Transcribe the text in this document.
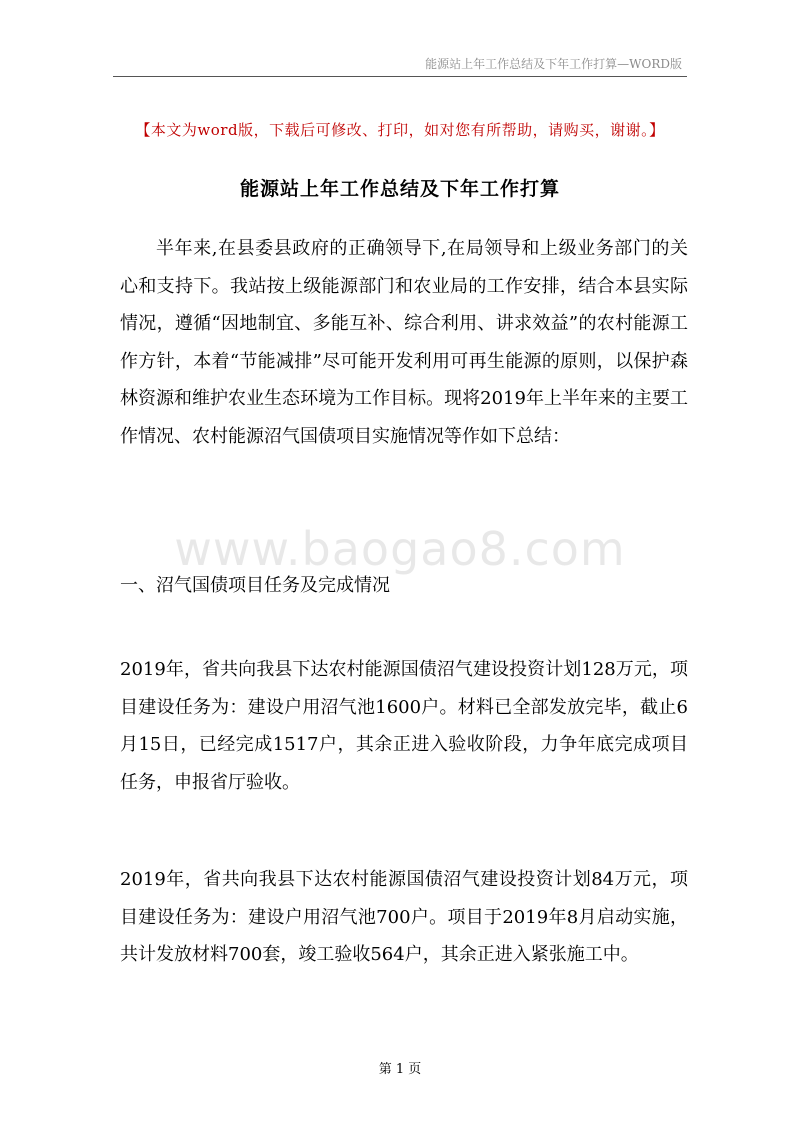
能源站上年工作总结及下年工作打算—WORD版
【本文为word版，下载后可修改、打印，如对您有所帮助，请购买，谢谢。】
能源站上年工作总结及下年工作打算

半年来,在县委县政府的正确领导下,在局领导和上级业务部门的关心和支持下。我站按上级能源部门和农业局的工作安排，结合本县实际情况，遵循“因地制宜、多能互补、综合利用、讲求效益”的农村能源工作方针，本着“节能减排”尽可能开发利用可再生能源的原则，以保护森林资源和维护农业生态环境为工作目标。现将2019年上半年来的主要工作情况、农村能源沼气国债项目实施情况等作如下总结：

www.baogao8.com

一、沼气国债项目任务及完成情况

2019年，省共向我县下达农村能源国债沼气建设投资计划128万元，项目建设任务为：建设户用沼气池1600户。材料已全部发放完毕，截止6月15日，已经完成1517户，其余正进入验收阶段，力争年底完成项目任务，申报省厅验收。

2019年，省共向我县下达农村能源国债沼气建设投资计划84万元，项目建设任务为：建设户用沼气池700户。项目于2019年8月启动实施，共计发放材料700套，竣工验收564户，其余正进入紧张施工中。

第 1 页
